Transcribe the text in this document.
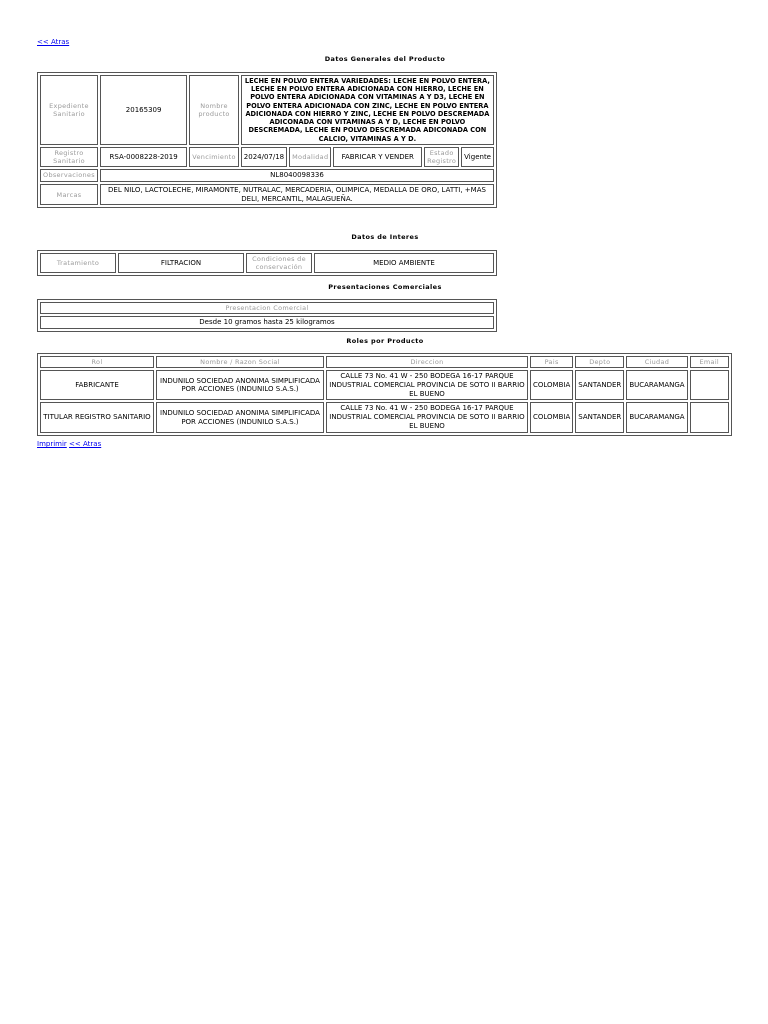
<< Atras
Datos Generales del Producto
Expediente Sanitario	20165309	Nombre producto	LECHE EN POLVO ENTERA VARIEDADES: LECHE EN POLVO ENTERA, LECHE EN POLVO ENTERA ADICIONADA CON HIERRO, LECHE EN POLVO ENTERA ADICIONADA CON VITAMINAS A Y D3, LECHE EN POLVO ENTERA ADICIONADA CON ZINC, LECHE EN POLVO ENTERA ADICIONADA CON HIERRO Y ZINC, LECHE EN POLVO DESCREMADA ADICONADA CON VITAMINAS A Y D, LECHE EN POLVO DESCREMADA, LECHE EN POLVO DESCREMADA ADICONADA CON CALCIO, VITAMINAS A Y D.				
Registro Sanitario	RSA-0008228-2019	Vencimiento	2024/07/18	Modalidad	FABRICAR Y VENDER	Estado Registro	Vigente
Observaciones	NL8040098336						
Marcas	DEL NILO, LACTOLECHE, MIRAMONTE, NUTRALAC, MERCADERIA, OLIMPICA, MEDALLA DE ORO, LATTI, +MAS DELI, MERCANTIL, MALAGUEÑA.						
Datos de Interes
Tratamiento	FILTRACION	Condiciones de conservación	MEDIO AMBIENTE
Presentaciones Comerciales
Presentacion Comercial
Desde 10 gramos hasta 25 kilogramos
Roles por Producto
Rol	Nombre / Razon Social	Direccion	Pais	Depto	Ciudad	Email
FABRICANTE	INDUNILO SOCIEDAD ANONIMA SIMPLIFICADA POR ACCIONES (INDUNILO S.A.S.)	CALLE 73 No. 41 W - 250 BODEGA 16-17 PARQUE INDUSTRIAL COMERCIAL PROVINCIA DE SOTO II BARRIO EL BUENO	COLOMBIA	SANTANDER	BUCARAMANGA	
TITULAR REGISTRO SANITARIO	INDUNILO SOCIEDAD ANONIMA SIMPLIFICADA POR ACCIONES (INDUNILO S.A.S.)	CALLE 73 No. 41 W - 250 BODEGA 16-17 PARQUE INDUSTRIAL COMERCIAL PROVINCIA DE SOTO II BARRIO EL BUENO	COLOMBIA	SANTANDER	BUCARAMANGA	
Imprimir << Atras
